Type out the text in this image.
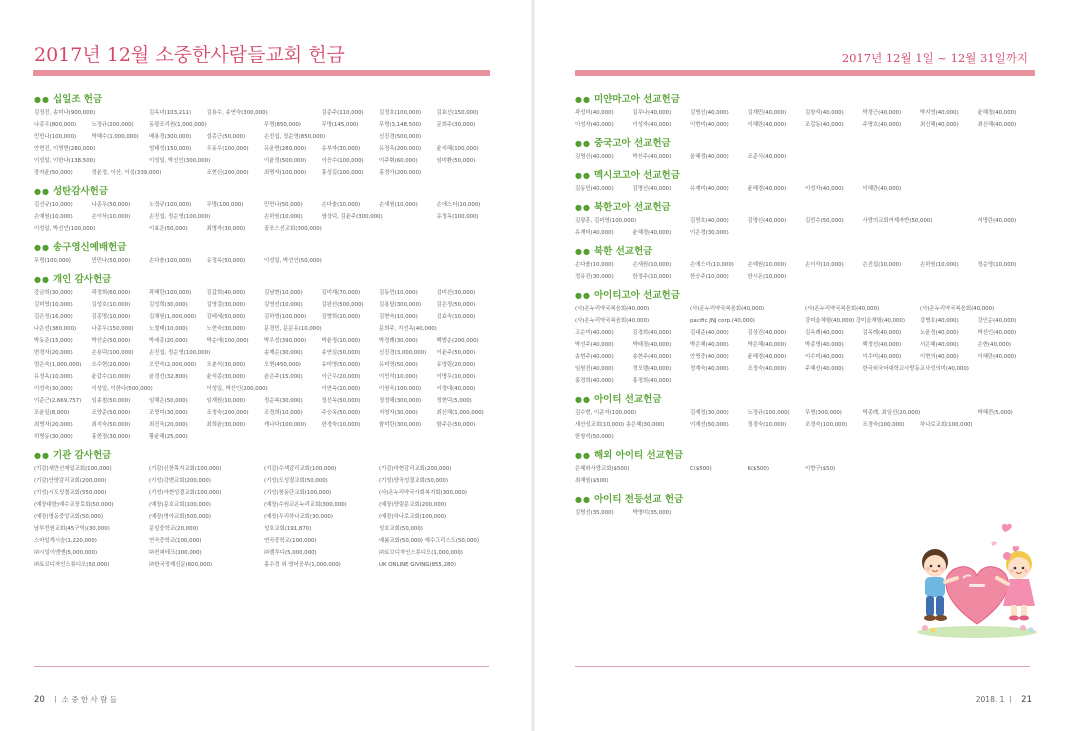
2017년 12월 소중한사람들교회 헌금
●● 십일조 헌금
김정진, 송미나(900,000)	김옥녀(103,211)	김용수, 송연숙(300,000)	김준주(110,000)	김정호(100,000)	김효선(150,000)
나종우(800,000)	노정규(200,000)	동광조리원(1,000,000)	무명(850,000)	무명(145,000)	무명(3,148,500)	문희주(30,000)
민민나(100,000)	박혜수(1,000,000) 배용경(300,000)	설총근(50,000)	손진섭, 정순영(850,000)	신진경(500,000)
안현진, 이명현(280,000)	엄태성(150,000)	우동우(100,000)	유윤현(280,000)	유부자(30,000)	유정옥(200,000)	윤지혜(100,000)
이성일, 이한나(138,500)	이성일, 박선인(300,000)	이윤정(500,000)	이응수(100,000)	이주휘(60,000)	임미환(50,000)
장지윤(50,000)	정윤정, 이산, 이실(339,000)	조현신(200,000)	최명자(100,000)	홍성길(100,000)	홍정아(200,000)
●● 성탄감사헌금
김선규(10,000)	나종우(50,000)	노정규(100,000)	무명(100,000)	민민나(50,000)	손다솔(10,000)	손새원(10,000)	손에스더(10,000)
손예원(10,000)	손이삭(10,000)	손진섭, 정순영(100,000)	손하원(10,000)	염상덕, 김윤주(300,000)	유정옥(100,000)
이성일, 박선인(100,000)	이효은(50,000)	최명자(30,000)	골포스선교회(300,000)
●● 송구영신예배헌금
무명(100,000)	민민나(50,000)	손다솔(100,000)	유정옥(50,000)	이성일, 박선인(50,000)
●● 개인 감사헌금
강금희(30,000)	곽정희(60,000)	곽해란(100,000)	김갑희(40,000)	김남현(10,000)	김미재(70,000)	김동민(10,000)	김미선(30,000)
김미영(10,000)	김성호(10,000)	김성희(30,000)	김영걸(30,000)	김영선(10,000)	김완선(500,000)	김용달(300,000)	김은정(50,000)
김은정(16,000)	김종명(10,000)	김채원(1,000,000) 김태세(50,000)	김하명(100,000)	김향희(10,000)	김현숙(10,000)	김효숙(10,000)
나은선(380,000)	나종우(150,000)	노철태(10,000)	노현숙(30,000)	문경민, 문문유(10,000)	문희주, 지선옥(40,000)
박동준(15,000)	박선순(50,000)	박세종(20,000)	박순애(100,000)	박우성(390,000)	박윤정(10,000)	박정례(30,000)	백범순(200,000)
변경자(20,000)	손용덕(100,000)	손진섭, 정순영(100,000)	송제순(30,000)	송연실(50,000)	신진경(3,000,000) 이윤주(50,000)
엄은숙(1,000,000) 오수현(20,000)	오민숙(2,000,000) 오춘석(30,000)	오현(450,000)	유미영(50,000)	유미영(50,000)	유영림(20,000)
유정옥(10,000)	윤갑수(10,000)	윤경선(32,800)	윤석종(30,000)	윤은주(15,000)	이근우(20,000)	이민석(10,000)	이명우(10,000)
이성숙(30,000)	이성일, 이한나(500,000)	이성일, 박선인(200,000)	이연옥(10,000)	이원욱(100,000)	이정대(40,000)
이준근(2,669,757) 임송철(50,000)	임해은(50,000)	임재원(10,000)	정순복(30,000)	정선옥(50,000)	정정해(300,000)	정현덕(5,000)
조윤일(8,000)	조양준(50,000)	조명미(30,000)	조정숙(200,000)	조정희(10,000)	주승옥(50,000)	지영자(30,000)	최신해(1,000,000)
최명자(20,000)	최지숙(50,000)	최진욱(20,000)	최희윤(30,000)	캐나다(100,000)	한경숙(10,000)	함미란(300,000)	함주은(50,000)
허명동(30,000)	홍현정(30,000)	황윤혜(25,000)
●● 기관 감사헌금
(기감)새만선재일교회(100,000)	(기감)신한목자교회(100,000)	(기감)수색감리교회(100,000)	(기감)마현감리교회(200,000)
(기감)안양감리교회(200,000)	(기성)강변교회(200,000)	(기성)도성결교회(50,000)	(기성)양곡성결교회(50,000)
(기성)시도성결교회(550,000)	(기성)아현성결교회(100,000)	(기성)창동단교회(100,000)	(사)온누리약국사회복지회(300,000)
(예장대한)예수교장로회(50,000)	(예장)문호교회(100,000)	(예장)수원교온누리교회(300,000)	(예장)양림문교회(200,000)
(예장)명동중앙교회(50,000)	(예장)명아교회(500,000)	(예장)우리하나교회(30,000)	(예장)하나로교회(100,000)
남부전원교회(45구역)(30,000)	문일중학교(20,000)	성호교회(191,870)	성호교회(50,000)
스마일게시슴(1,220,000)	연곡중학교(100,000)	연곡중학교(100,000)	예봄교회(50,000) 예수그리스도(50,000)
㈜시일이엔엔(5,000,000)	㈜컨퍼테크(100,000)	㈜캠투디(5,000,000)	㈜토브디자인스튜디오(1,000,000)
㈜토브디자인스튜디오(50,000)	㈜한국정제신문(600,000)	홍수경 외 영어공부(1,000,000)	UK ONLINE GIVING(855,280)
20 ㅣ 소 중 한 사 람 들
2017년 12월 1일 ~ 12월 31일까지
●● 미얀마고아 선교헌금
곽성미(40,000)	김무나(40,000)	김명신(40,000)	김재민(40,000)	김창석(40,000)	박경근(40,000)	박지영(40,000)	윤혜경(40,000)
이성자(40,000)	이성자(40,000)	이현미(40,000)	이혜란(40,000)	조갑동(40,000)	주명호(40,000)	최신해(40,000)	최신해(40,000)
●● 중국고아 선교헌금
김명신(40,000)	박선주(40,000)	윤혜경(40,000)	조준식(40,000)
●● 멕시코고아 선교헌금
김동민(40,000)	김명신(40,000)	유재미(40,000)	윤혜경(40,000)	이성자(40,000)	이혜란(40,000)
●● 북한고아 선교헌금
김광훈, 김미영(100,000)	김명호(40,000)	김명신(40,000)	김민수(50,000)	사랑의교회여제자반(50,000)	석명란(40,000)
유재미(40,000)	윤혜경(40,000)	이은경(30,000)
●● 북한 선교헌금
손다솔(10,000)	손새원(10,000)	손에스더(10,000)	손예원(10,000)	손이삭(10,000)	손진섭(10,000)	손하원(10,000)	정순영(10,000)
정유진(30,000)	한정주(10,000)	한승주(10,000)	한시온(10,000)
●● 아이티고아 선교헌금
(사)온누리약국복음회(40,000)	(사)온누리약국복음회(40,000)	(사)온누리약국복음회(40,000)	(사)온누리약국복음회(40,000)
(사)온누리약국복음회(40,000)	pacific JNJ corp.(40,000)	강미을체험(40,000) 강미을체험(40,000)	강병호(40,000)	강인순(40,000)
고순미(40,000)	김경희(40,000)	김대준(40,000)	김상진(40,000)	김옥례(40,000)	김옥례(40,000)	노윤정(40,000)	박선인(40,000)
박선주(40,000)	박태경(40,000)	박은혜(40,000)	박은혜(40,000)	박종명(40,000)	백정선(40,000)	서은혜(40,000)	손현(40,000)
송현주(40,000)	송현주(40,000)	안명중(40,000)	윤혜경(40,000)	이수미(40,000)	이수미(40,000)	이현의(40,000)	이혜란(40,000)
임원진(40,000)	정모램(40,000)	정계숙(40,000)	조정숙(40,000)	주혜선(40,000)	한국외국어대학교사랑동교사성의미(40,000)
홍정희(40,000)	홍정희(40,000)
●● 아이티 선교헌금
김수현, 이준자(100,000)	김재정(30,000)	노정규(100,000)	무명(300,000)	박종례, 최임선(20,000)	박혜전(5,000)
새산성교회(10,000) 송은혜(30,000)	이재선(50,000)	정경숙(10,000)	조경숙(100,000)	조경숙(100,000)	하나로교회(100,000)
한창석(50,000)
●● 해외 아이티 선교헌금
은혜와사랑교회($500)	C($500)	K($500)	이향구($50)
최재원($500)
●● 아이티 전등선교 헌금
김명선(35,000)	박명미(35,000)
2018. 1 ㅣ 21
